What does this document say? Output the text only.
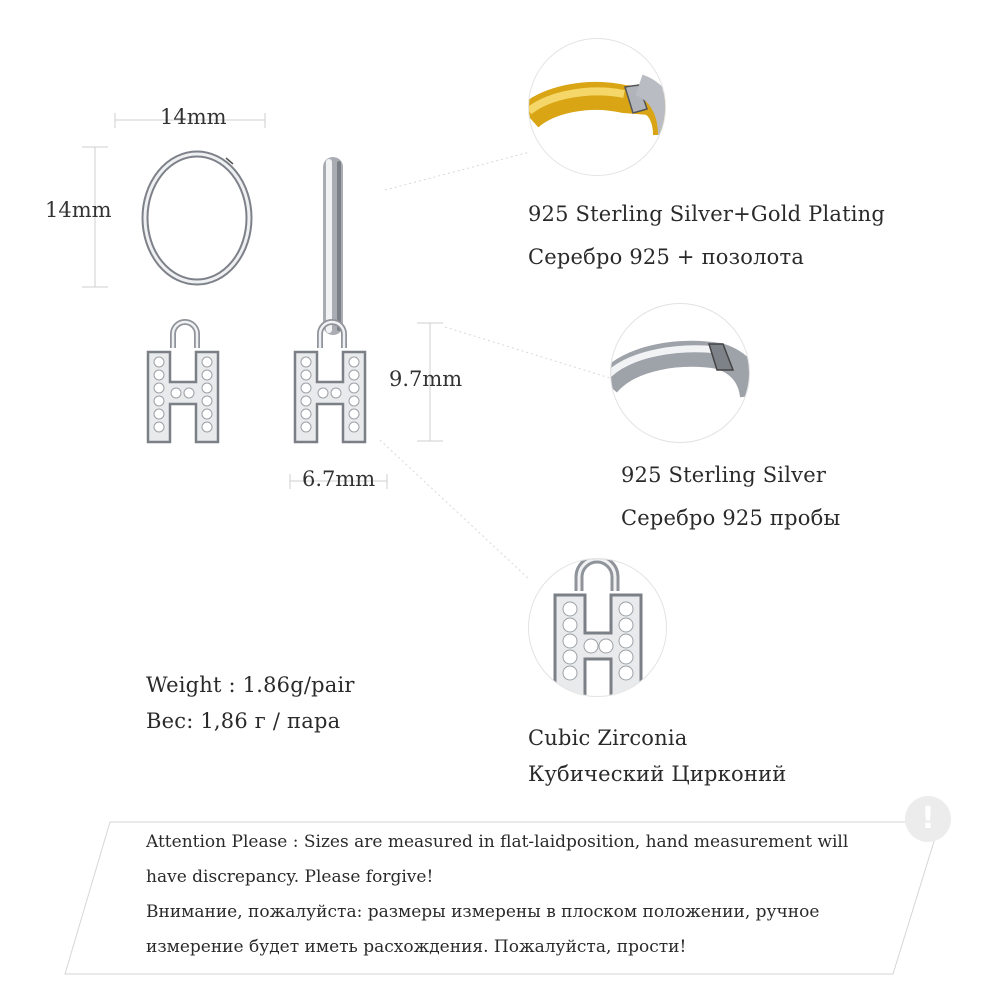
14mm
14mm
9.7mm
6.7mm
925 Sterling Silver+Gold Plating
Серебро 925 + позолота
925 Sterling Silver
Серебро 925 пробы
Cubic Zirconia
Кубический Цирконий
Weight : 1.86g/pair
Вес: 1,86 г / пара
!
Attention Please : Sizes are measured in flat-laidposition, hand measurement will
have discrepancy. Please forgive!
Внимание, пожалуйста: размеры измерены в плоском положении, ручное
измерение будет иметь расхождения. Пожалуйста, прости!
